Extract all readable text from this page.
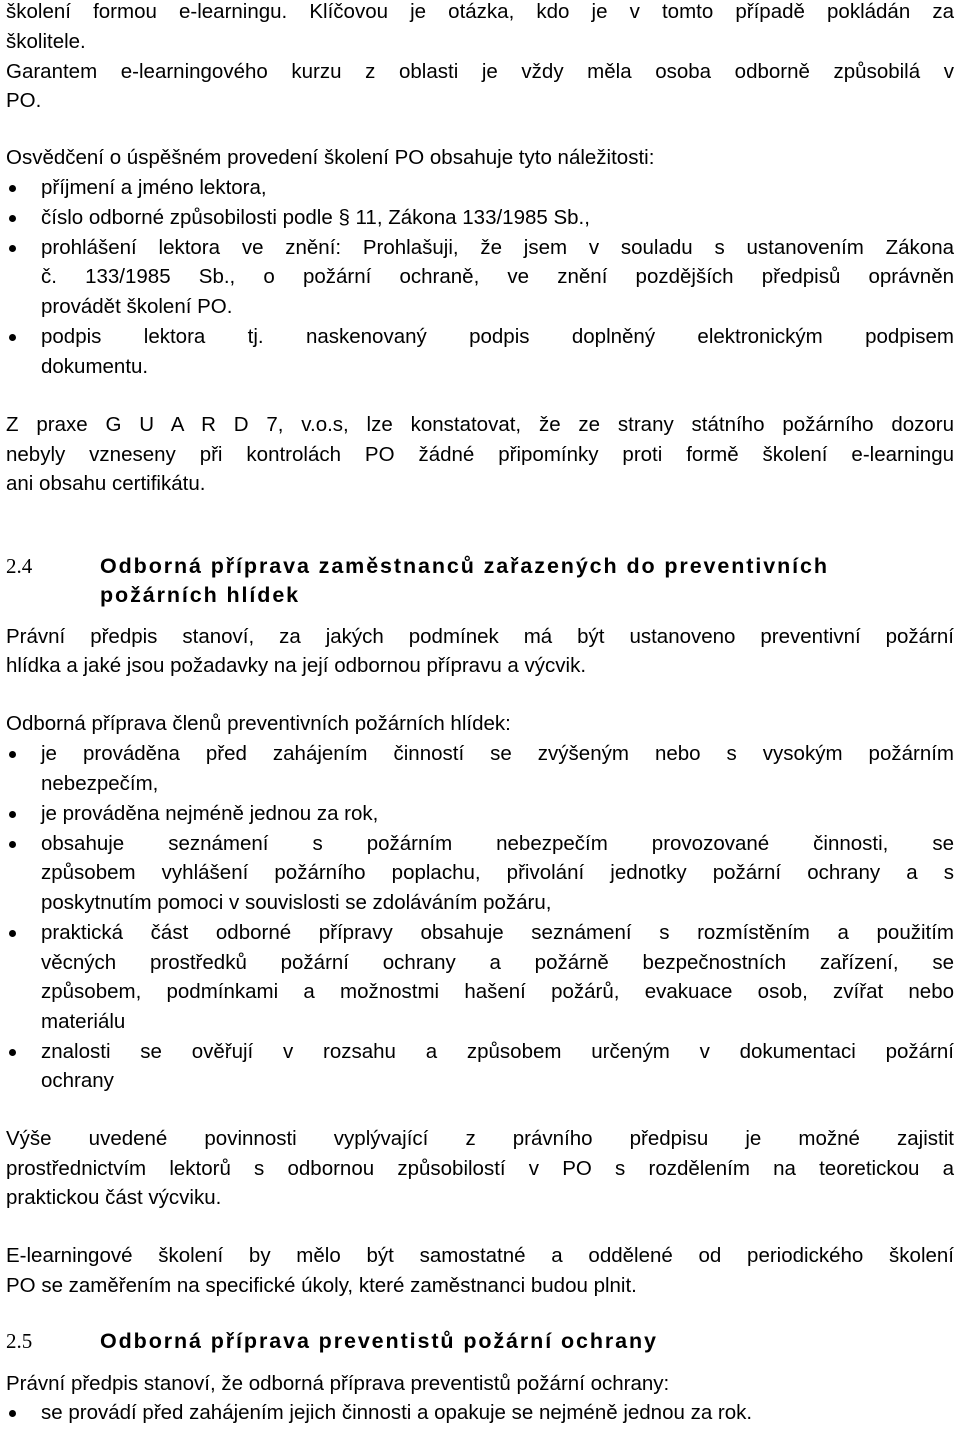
školení formou e-learningu. Klíčovou je otázka, kdo je v tomto případě pokládán za
školitele.
Garantem e-learningového kurzu z oblasti je vždy měla osoba odborně způsobilá v
PO.
Osvědčení o úspěšném provedení školení PO obsahuje tyto náležitosti:
příjmení a jméno lektora,
číslo odborné způsobilosti podle § 11, Zákona 133/1985 Sb.,
prohlášení lektora ve znění: Prohlašuji, že jsem v souladu s ustanovením Zákona
č. 133/1985 Sb., o požární ochraně, ve znění pozdějších předpisů oprávněn
provádět školení PO.
podpis lektora tj. naskenovaný podpis doplněný elektronickým podpisem
dokumentu.
Z praxe G U A R D 7, v.o.s, lze konstatovat, že ze strany státního požárního dozoru
nebyly vzneseny při kontrolách PO žádné připomínky proti formě školení e-learningu
ani obsahu certifikátu.
2.4	Odborná příprava zaměstnanců zařazených do preventivních
požárních hlídek
Právní předpis stanoví, za jakých podmínek má být ustanoveno preventivní požární
hlídka a jaké jsou požadavky na její odbornou přípravu a výcvik.
Odborná příprava členů preventivních požárních hlídek:
je prováděna před zahájením činností se zvýšeným nebo s vysokým požárním
nebezpečím,
je prováděna nejméně jednou za rok,
obsahuje seznámení s požárním nebezpečím provozované činnosti, se
způsobem vyhlášení požárního poplachu, přivolání jednotky požární ochrany a s
poskytnutím pomoci v souvislosti se zdoláváním požáru,
praktická část odborné přípravy obsahuje seznámení s rozmístěním a použitím
věcných prostředků požární ochrany a požárně bezpečnostních zařízení, se
způsobem, podmínkami a možnostmi hašení požárů, evakuace osob, zvířat nebo
materiálu
znalosti se ověřují v rozsahu a způsobem určeným v dokumentaci požární
ochrany
Výše uvedené povinnosti vyplývající z právního předpisu je možné zajistit
prostřednictvím lektorů s odbornou způsobilostí v PO s rozdělením na teoretickou a
praktickou část výcviku.
E-learningové školení by mělo být samostatné a oddělené od periodického školení
PO se zaměřením na specifické úkoly, které zaměstnanci budou plnit.
2.5	Odborná příprava preventistů požární ochrany
Právní předpis stanoví, že odborná příprava preventistů požární ochrany:
se provádí před zahájením jejich činnosti a opakuje se nejméně jednou za rok.
